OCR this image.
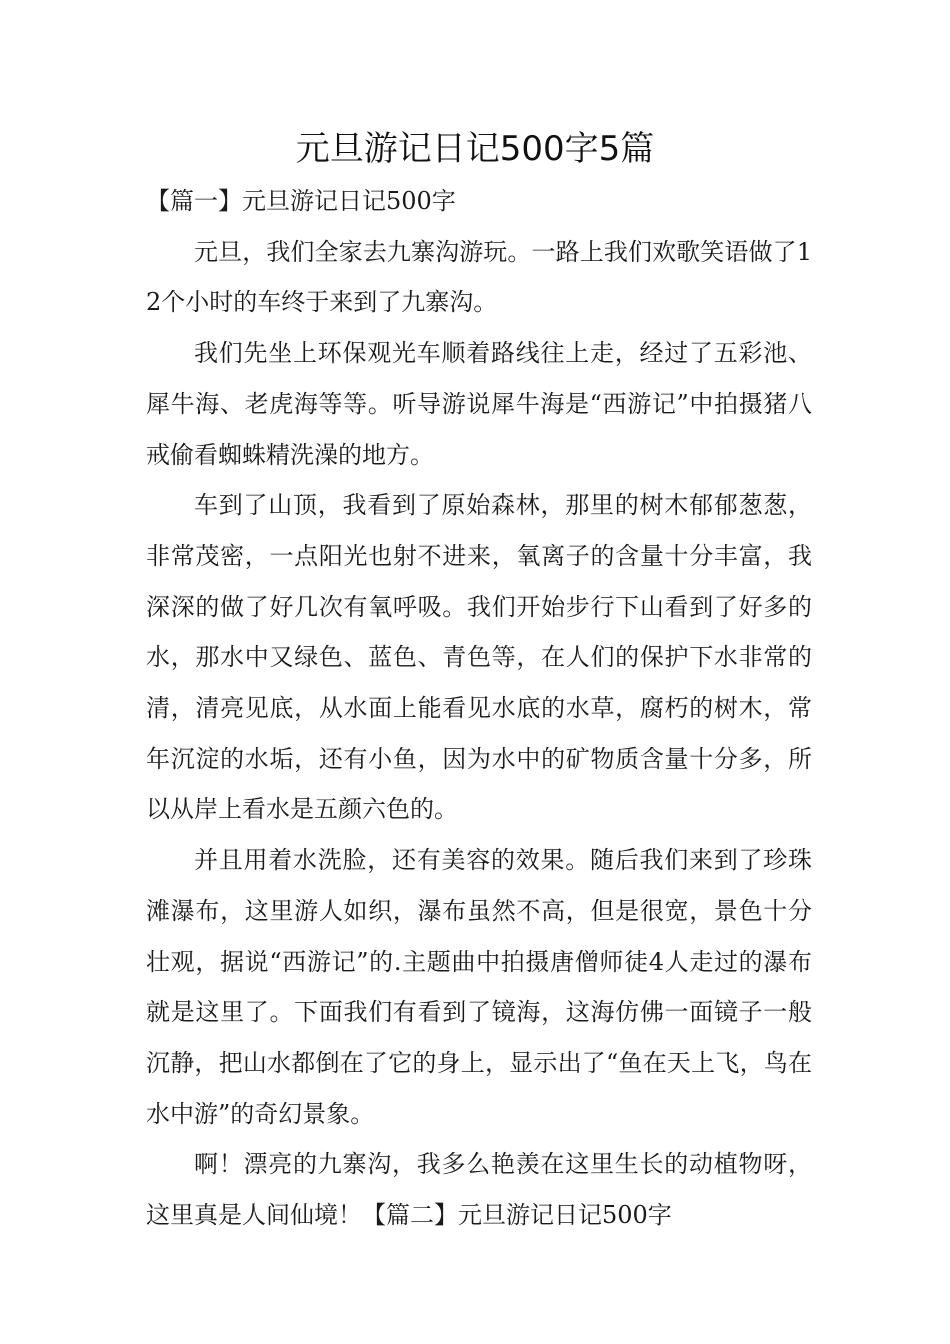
元旦游记日记500字5篇
【篇一】元旦游记日记500字

元旦，我们全家去九寨沟游玩。一路上我们欢歌笑语做了12个小时的车终于来到了九寨沟。

我们先坐上环保观光车顺着路线往上走，经过了五彩池、犀牛海、老虎海等等。听导游说犀牛海是“西游记”中拍摄猪八戒偷看蜘蛛精洗澡的地方。

车到了山顶，我看到了原始森林，那里的树木郁郁葱葱，非常茂密，一点阳光也射不进来，氧离子的含量十分丰富，我深深的做了好几次有氧呼吸。我们开始步行下山看到了好多的水，那水中又绿色、蓝色、青色等，在人们的保护下水非常的清，清亮见底，从水面上能看见水底的水草，腐朽的树木，常年沉淀的水垢，还有小鱼，因为水中的矿物质含量十分多，所以从岸上看水是五颜六色的。

并且用着水洗脸，还有美容的效果。随后我们来到了珍珠滩瀑布，这里游人如织，瀑布虽然不高，但是很宽，景色十分壮观，据说“西游记”的.主题曲中拍摄唐僧师徒4人走过的瀑布就是这里了。下面我们有看到了镜海，这海仿佛一面镜子一般沉静，把山水都倒在了它的身上，显示出了“鱼在天上飞，鸟在水中游”的奇幻景象。

啊！漂亮的九寨沟，我多么艳羡在这里生长的动植物呀，这里真是人间仙境！【篇二】元旦游记日记500字
